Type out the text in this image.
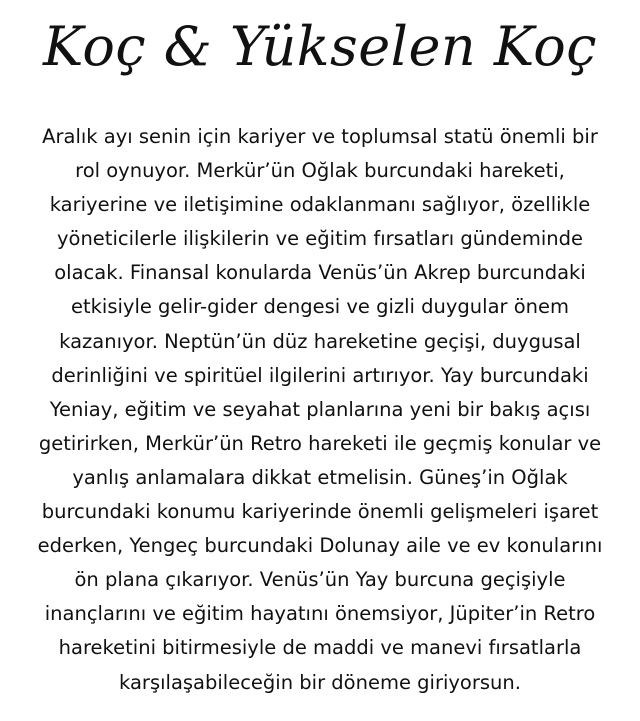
Koç & Yükselen Koç

Aralık ayı senin için kariyer ve toplumsal statü önemli bir
rol oynuyor. Merkür’ün Oğlak burcundaki hareketi,
kariyerine ve iletişimine odaklanmanı sağlıyor, özellikle
yöneticilerle ilişkilerin ve eğitim fırsatları gündeminde
olacak. Finansal konularda Venüs’ün Akrep burcundaki
etkisiyle gelir-gider dengesi ve gizli duygular önem
kazanıyor. Neptün’ün düz hareketine geçişi, duygusal
derinliğini ve spiritüel ilgilerini artırıyor. Yay burcundaki
Yeniay, eğitim ve seyahat planlarına yeni bir bakış açısı
getirirken, Merkür’ün Retro hareketi ile geçmiş konular ve
yanlış anlamalara dikkat etmelisin. Güneş’in Oğlak
burcundaki konumu kariyerinde önemli gelişmeleri işaret
ederken, Yengeç burcundaki Dolunay aile ve ev konularını
ön plana çıkarıyor. Venüs’ün Yay burcuna geçişiyle
inançlarını ve eğitim hayatını önemsiyor, Jüpiter’in Retro
hareketini bitirmesiyle de maddi ve manevi fırsatlarla
karşılaşabileceğin bir döneme giriyorsun.
